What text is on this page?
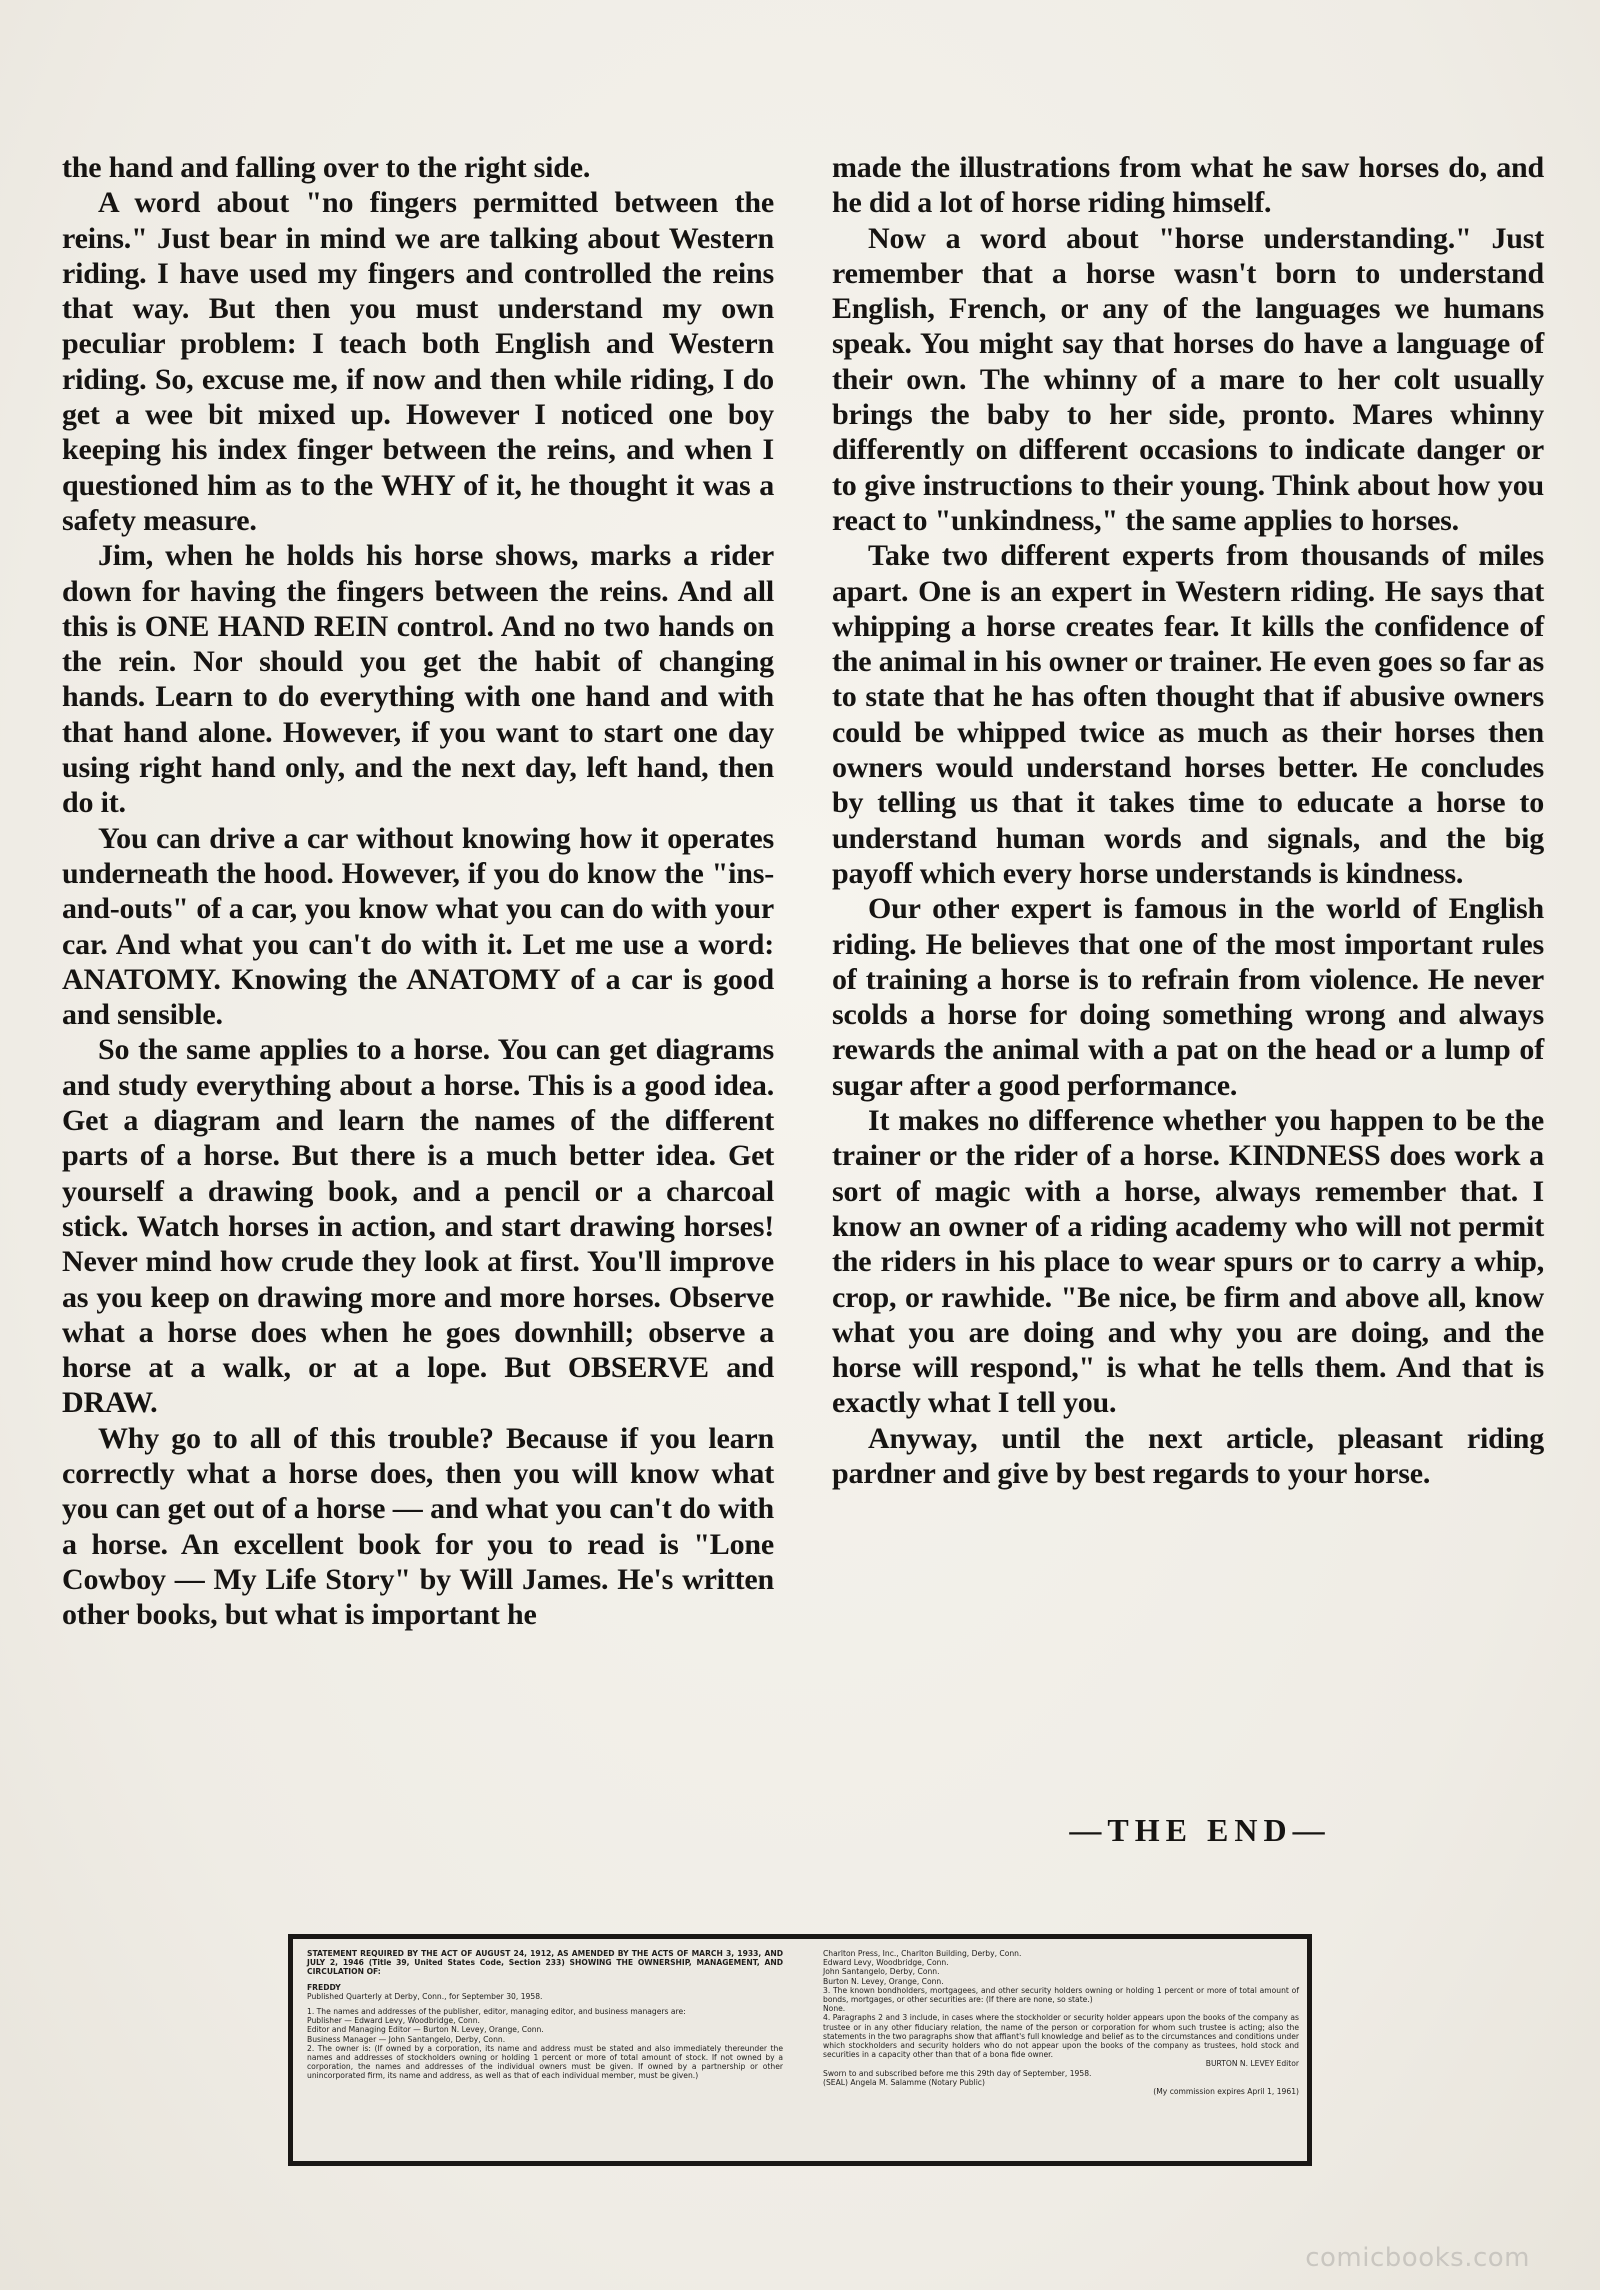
the hand and falling over to the right side.

A word about "no fingers permitted between the reins." Just bear in mind we are talking about Western riding. I have used my fingers and controlled the reins that way. But then you must understand my own peculiar problem: I teach both English and Western riding. So, excuse me, if now and then while riding, I do get a wee bit mixed up. However I noticed one boy keeping his index finger between the reins, and when I questioned him as to the WHY of it, he thought it was a safety measure.

Jim, when he holds his horse shows, marks a rider down for having the fingers between the reins. And all this is ONE HAND REIN control. And no two hands on the rein. Nor should you get the habit of changing hands. Learn to do everything with one hand and with that hand alone. However, if you want to start one day using right hand only, and the next day, left hand, then do it.

You can drive a car without knowing how it operates underneath the hood. However, if you do know the "ins-and-outs" of a car, you know what you can do with your car. And what you can't do with it. Let me use a word: ANATOMY. Knowing the ANATOMY of a car is good and sensible.

So the same applies to a horse. You can get diagrams and study everything about a horse. This is a good idea. Get a diagram and learn the names of the different parts of a horse. But there is a much better idea. Get yourself a drawing book, and a pencil or a charcoal stick. Watch horses in action, and start drawing horses! Never mind how crude they look at first. You'll improve as you keep on drawing more and more horses. Observe what a horse does when he goes downhill; observe a horse at a walk, or at a lope. But OBSERVE and DRAW.

Why go to all of this trouble? Because if you learn correctly what a horse does, then you will know what you can get out of a horse — and what you can't do with a horse. An excellent book for you to read is "Lone Cowboy — My Life Story" by Will James. He's written other books, but what is important he

made the illustrations from what he saw horses do, and he did a lot of horse riding himself.

Now a word about "horse understanding." Just remember that a horse wasn't born to understand English, French, or any of the languages we humans speak. You might say that horses do have a language of their own. The whinny of a mare to her colt usually brings the baby to her side, pronto. Mares whinny differently on different occasions to indicate danger or to give instructions to their young. Think about how you react to "unkindness," the same applies to horses.

Take two different experts from thousands of miles apart. One is an expert in Western riding. He says that whipping a horse creates fear. It kills the confidence of the animal in his owner or trainer. He even goes so far as to state that he has often thought that if abusive owners could be whipped twice as much as their horses then owners would understand horses better. He concludes by telling us that it takes time to educate a horse to understand human words and signals, and the big payoff which every horse understands is kindness.

Our other expert is famous in the world of English riding. He believes that one of the most important rules of training a horse is to refrain from violence. He never scolds a horse for doing something wrong and always rewards the animal with a pat on the head or a lump of sugar after a good performance.

It makes no difference whether you happen to be the trainer or the rider of a horse. KINDNESS does work a sort of magic with a horse, always remember that. I know an owner of a riding academy who will not permit the riders in his place to wear spurs or to carry a whip, crop, or rawhide. "Be nice, be firm and above all, know what you are doing and why you are doing, and the horse will respond," is what he tells them. And that is exactly what I tell you.

Anyway, until the next article, pleasant riding pardner and give by best regards to your horse.

—THE END—
STATEMENT REQUIRED BY THE ACT OF AUGUST 24, 1912, AS AMENDED BY THE ACTS OF MARCH 3, 1933, AND JULY 2, 1946 (Title 39, United States Code, Section 233) SHOWING THE OWNERSHIP, MANAGEMENT, AND CIRCULATION OF:
FREDDY
Published Quarterly at Derby, Conn., for September 30, 1958.
1. The names and addresses of the publisher, editor, managing editor, and business managers are:
Publisher — Edward Levy, Woodbridge, Conn.
Editor and Managing Editor — Burton N. Levey, Orange, Conn.
Business Manager — John Santangelo, Derby, Conn.
2. The owner is: (If owned by a corporation, its name and address must be stated and also immediately thereunder the names and addresses of stockholders owning or holding 1 percent or more of total amount of stock. If not owned by a corporation, the names and addresses of the individual owners must be given. If owned by a partnership or other unincorporated firm, its name and address, as well as that of each individual member, must be given.)
Charlton Press, Inc., Charlton Building, Derby, Conn.
Edward Levy, Woodbridge, Conn.
John Santangelo, Derby, Conn.
Burton N. Levey, Orange, Conn.
3. The known bondholders, mortgagees, and other security holders owning or holding 1 percent or more of total amount of bonds, mortgages, or other securities are: (If there are none, so state.)
None.
4. Paragraphs 2 and 3 include, in cases where the stockholder or security holder appears upon the books of the company as trustee or in any other fiduciary relation, the name of the person or corporation for whom such trustee is acting; also the statements in the two paragraphs show that affiant's full knowledge and belief as to the circumstances and conditions under which stockholders and security holders who do not appear upon the books of the company as trustees, hold stock and securities in a capacity other than that of a bona fide owner.
BURTON N. LEVEY Editor
Sworn to and subscribed before me this 29th day of September, 1958.
(SEAL) Angela M. Salamme (Notary Public)
(My commission expires April 1, 1961)
comicbooks.com
